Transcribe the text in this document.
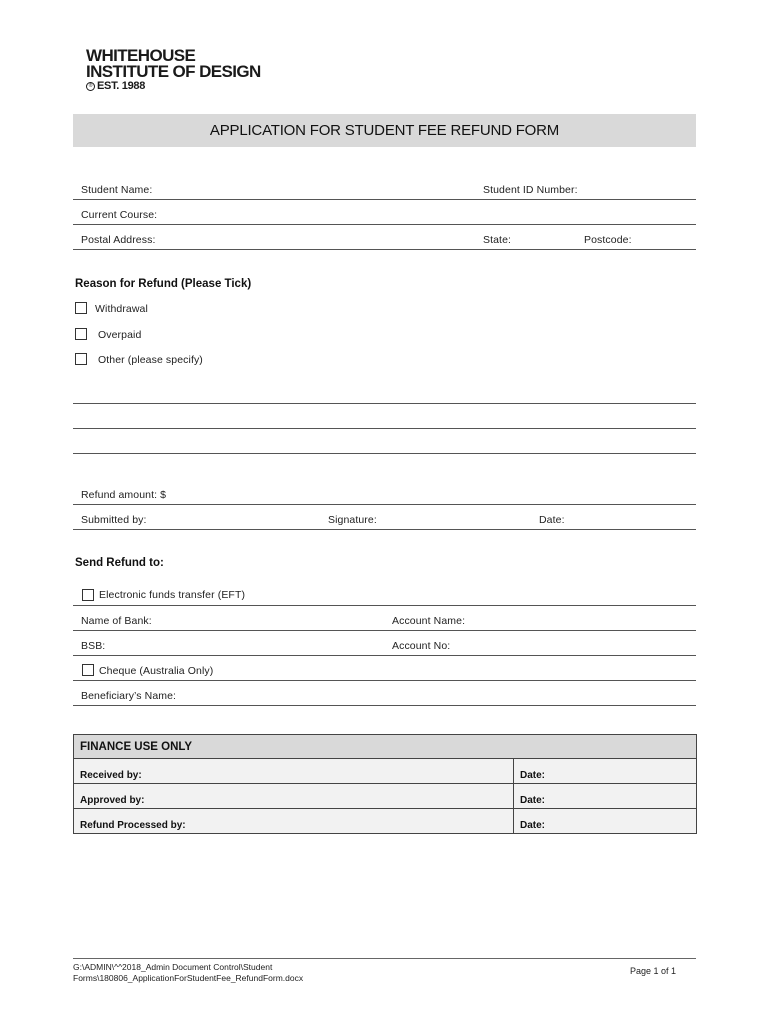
WHITEHOUSE
INSTITUTE OF DESIGN
® EST. 1988
APPLICATION FOR STUDENT FEE REFUND FORM
Student Name:	Student ID Number:
Current Course:
Postal Address:	State:	Postcode:
Reason for Refund (Please Tick)
Withdrawal
Overpaid
Other (please specify)
Refund amount: $
Submitted by:	Signature:	Date:
Send Refund to:
Electronic funds transfer (EFT)
Name of Bank:	Account Name:
BSB:	Account No:
Cheque (Australia Only)
Beneficiary’s Name:
FINANCE USE ONLY	
Received by:	Date:
Approved by:	Date:
Refund Processed by:	Date:
G:\ADMIN\^^2018_Admin Document Control\Student Forms\180806_ApplicationForStudentFee_RefundForm.docx
Page 1 of 1
